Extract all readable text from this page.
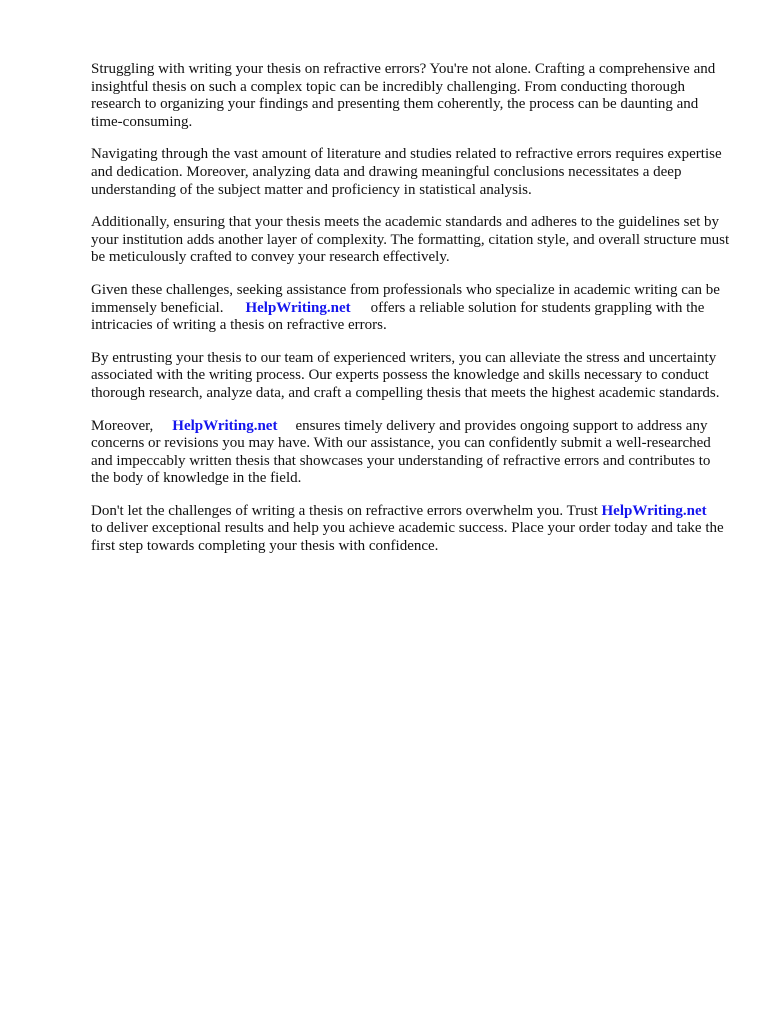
Struggling with writing your thesis on refractive errors? You're not alone. Crafting a comprehensive and insightful thesis on such a complex topic can be incredibly challenging. From conducting thorough research to organizing your findings and presenting them coherently, the process can be daunting and time-consuming.

Navigating through the vast amount of literature and studies related to refractive errors requires expertise and dedication. Moreover, analyzing data and drawing meaningful conclusions necessitates a deep understanding of the subject matter and proficiency in statistical analysis.

Additionally, ensuring that your thesis meets the academic standards and adheres to the guidelines set by your institution adds another layer of complexity. The formatting, citation style, and overall structure must be meticulously crafted to convey your research effectively.

Given these challenges, seeking assistance from professionals who specialize in academic writing can be immensely beneficial. HelpWriting.net offers a reliable solution for students grappling with the intricacies of writing a thesis on refractive errors.

By entrusting your thesis to our team of experienced writers, you can alleviate the stress and uncertainty associated with the writing process. Our experts possess the knowledge and skills necessary to conduct thorough research, analyze data, and craft a compelling thesis that meets the highest academic standards.

Moreover, HelpWriting.net ensures timely delivery and provides ongoing support to address any concerns or revisions you may have. With our assistance, you can confidently submit a well-researched and impeccably written thesis that showcases your understanding of refractive errors and contributes to the body of knowledge in the field.

Don't let the challenges of writing a thesis on refractive errors overwhelm you. Trust HelpWriting.netto deliver exceptional results and help you achieve academic success. Place your order today and take the first step towards completing your thesis with confidence.
